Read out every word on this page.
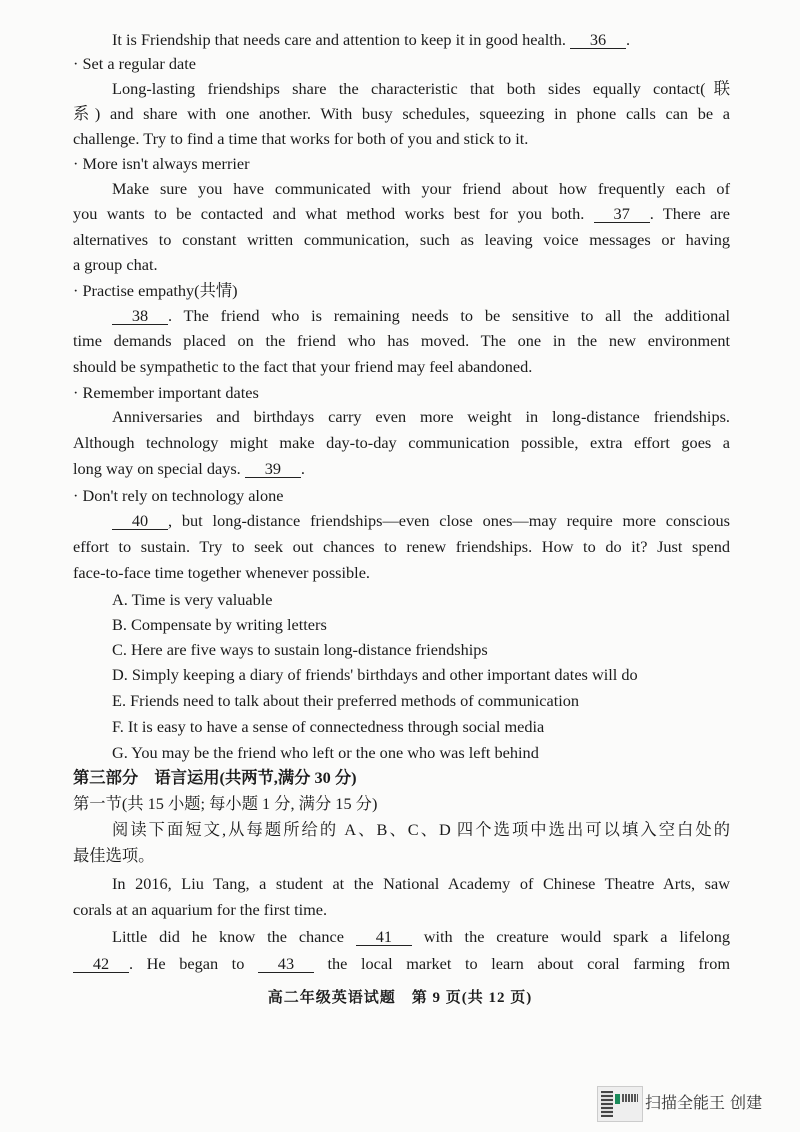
It is Friendship that needs care and attention to keep it in good health. 36 .
· Set a regular date
Long-lasting friendships share the characteristic that both sides equally contact(联
系) and share with one another. With busy schedules, squeezing in phone calls can be a
challenge. Try to find a time that works for both of you and stick to it.
· More isn't always merrier
Make sure you have communicated with your friend about how frequently each of
you wants to be contacted and what method works best for you both. 37 . There are
alternatives to constant written communication, such as leaving voice messages or having
a group chat.
· Practise empathy(共情)
38 . The friend who is remaining needs to be sensitive to all the additional
time demands placed on the friend who has moved. The one in the new environment
should be sympathetic to the fact that your friend may feel abandoned.
· Remember important dates
Anniversaries and birthdays carry even more weight in long-distance friendships.
Although technology might make day-to-day communication possible, extra effort goes a
long way on special days. 39 .
· Don't rely on technology alone
40 , but long-distance friendships—even close ones—may require more conscious
effort to sustain. Try to seek out chances to renew friendships. How to do it? Just spend
face-to-face time together whenever possible.
A. Time is very valuable
B. Compensate by writing letters
C. Here are five ways to sustain long-distance friendships
D. Simply keeping a diary of friends' birthdays and other important dates will do
E. Friends need to talk about their preferred methods of communication
F. It is easy to have a sense of connectedness through social media
G. You may be the friend who left or the one who was left behind
第三部分　语言运用(共两节,满分 30 分)
第一节(共 15 小题; 每小题 1 分, 满分 15 分)
阅读下面短文,从每题所给的 A、B、C、D 四个选项中选出可以填入空白处的
最佳选项。
In 2016, Liu Tang, a student at the National Academy of Chinese Theatre Arts, saw
corals at an aquarium for the first time.
Little did he know the chance 41 with the creature would spark a lifelong
42 . He began to 43 the local market to learn about coral farming from
高二年级英语试题　第 9 页(共 12 页)
扫描全能王 创建
